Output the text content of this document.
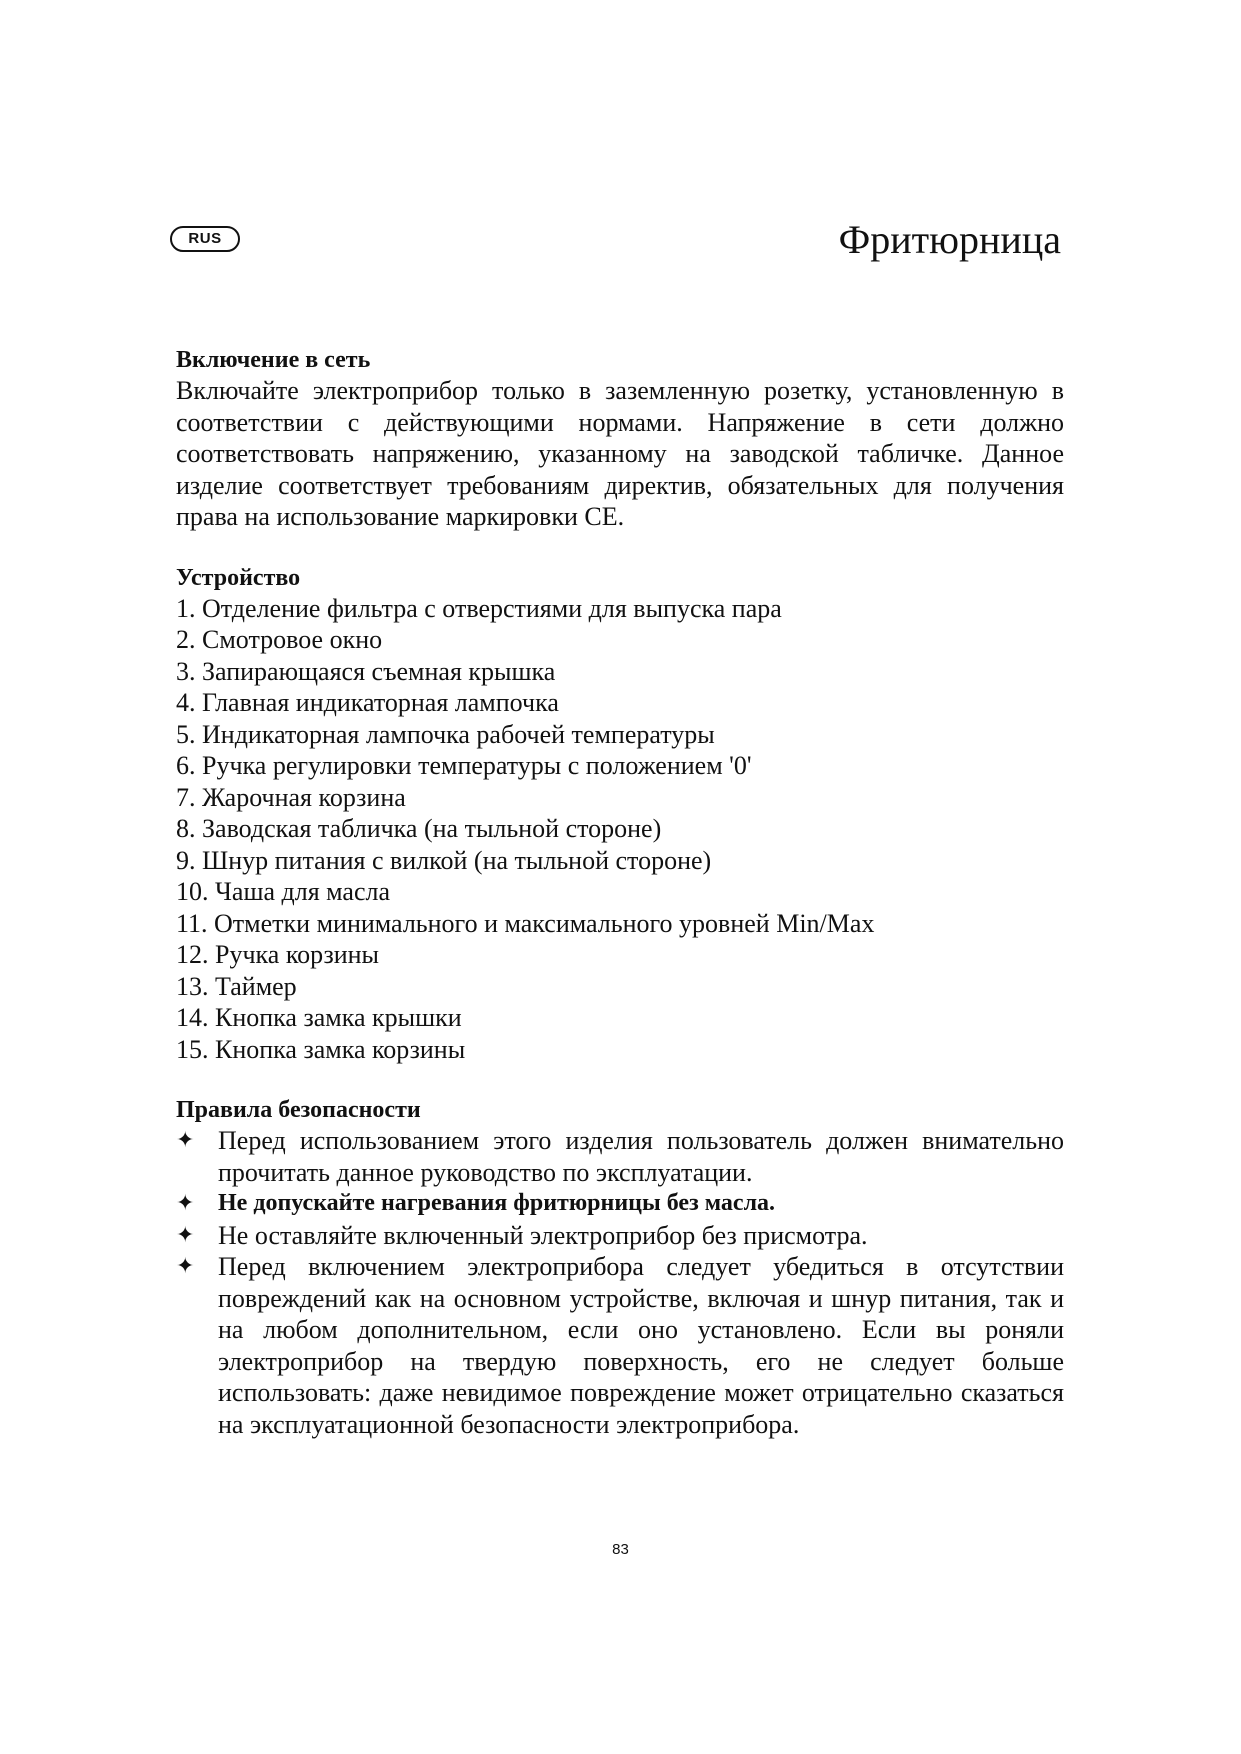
RUS	Фритюрница
Включение в сеть

Включайте электроприбор только в заземленную розетку, установленную в соответствии с действующими нормами. Напряжение в сети должно соответствовать напряжению, указанному на заводской табличке. Данное изделие соответствует требованиям директив, обязательных для получения права на использование маркировки CE.

Устройство
1. Отделение фильтра с отверстиями для выпуска пара
2. Смотровое окно
3. Запирающаяся съемная крышка
4. Главная индикаторная лампочка
5. Индикаторная лампочка рабочей температуры
6. Ручка регулировки температуры с положением '0'
7. Жарочная корзина
8. Заводская табличка (на тыльной стороне)
9. Шнур питания с вилкой (на тыльной стороне)
10. Чаша для масла
11. Отметки минимального и максимального уровней Min/Max
12. Ручка корзины
13. Таймер
14. Кнопка замка крышки
15. Кнопка замка корзины
Правила безопасности
✦ Перед использованием этого изделия пользователь должен внимательно прочитать данное руководство по эксплуатации.
✦ Не допускайте нагревания фритюрницы без масла.
✦ Не оставляйте включенный электроприбор без присмотра.
✦ Перед включением электроприбора следует убедиться в отсутствии повреждений как на основном устройстве, включая и шнур питания, так и на любом дополнительном, если оно установлено. Если вы роняли электроприбор на твердую поверхность, его не следует больше использовать: даже невидимое повреждение может отрицательно сказаться на эксплуатационной безопасности электроприбора.
83
